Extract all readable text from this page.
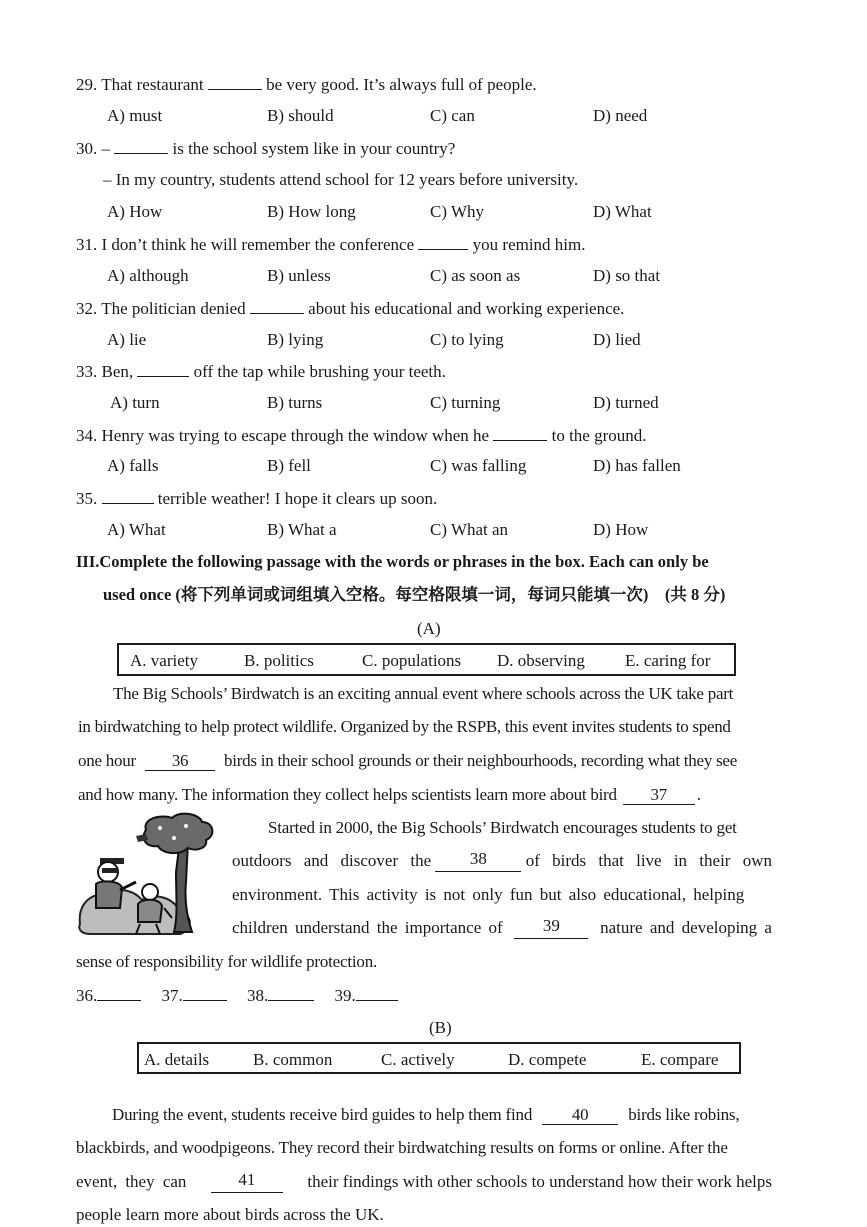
29. That restaurant	be very good. It’s always full of people.
A) must	B) should	C) can	D) need
30. –	is the school system like in your country?
– In my country, students attend school for 12 years before university.
A) How	B) How long	C) Why	D) What
31. I don’t think he will remember the conference	you remind him.
A) although	B) unless	C) as soon as	D) so that
32. The politician denied	about his educational and working experience.
A) lie	B) lying	C) to lying	D) lied
33. Ben,	off the tap while brushing your teeth.
A) turn	B) turns	C) turning	D) turned
34. Henry was trying to escape through the window when he	to the ground.
A) falls	B) fell	C) was falling	D) has fallen
35.	terrible weather! I hope it clears up soon.
A) What	B) What a	C) What an	D) How
III.Complete the following passage with the words or phrases in the box. Each can only be
used once (将下列单词或词组填入空格。每空格限填一词，每词只能填一次)　(共 8 分)
(A)
A. variety	B. politics	C. populations D. observing E. caring for
The Big Schools’ Birdwatch is an exciting annual event where schools across the UK take part
in birdwatching to help protect wildlife. Organized by the RSPB, this event invites students to spend
one hour 36 birds in their school grounds or their neighbourhoods, recording what they see
and how many. The information they collect helps scientists learn more about bird 37 .
Started in 2000, the Big Schools’ Birdwatch encourages students to get
outdoors and discover the	38	of birds that live in their own
environment. This activity is not only fun but also educational, helping
children understand the importance of	39	nature and developing a
sense of responsibility for wildlife protection.
36.	37.	38.	39.
(B)
A. details	B. common	C. actively	D. compete	E. compare
During the event, students receive bird guides to help them find 40 birds like robins,
blackbirds, and woodpigeons. They record their birdwatching results on forms or online. After the
event, they can	41	their findings with other schools to understand how their work helps
people learn more about birds across the UK.
